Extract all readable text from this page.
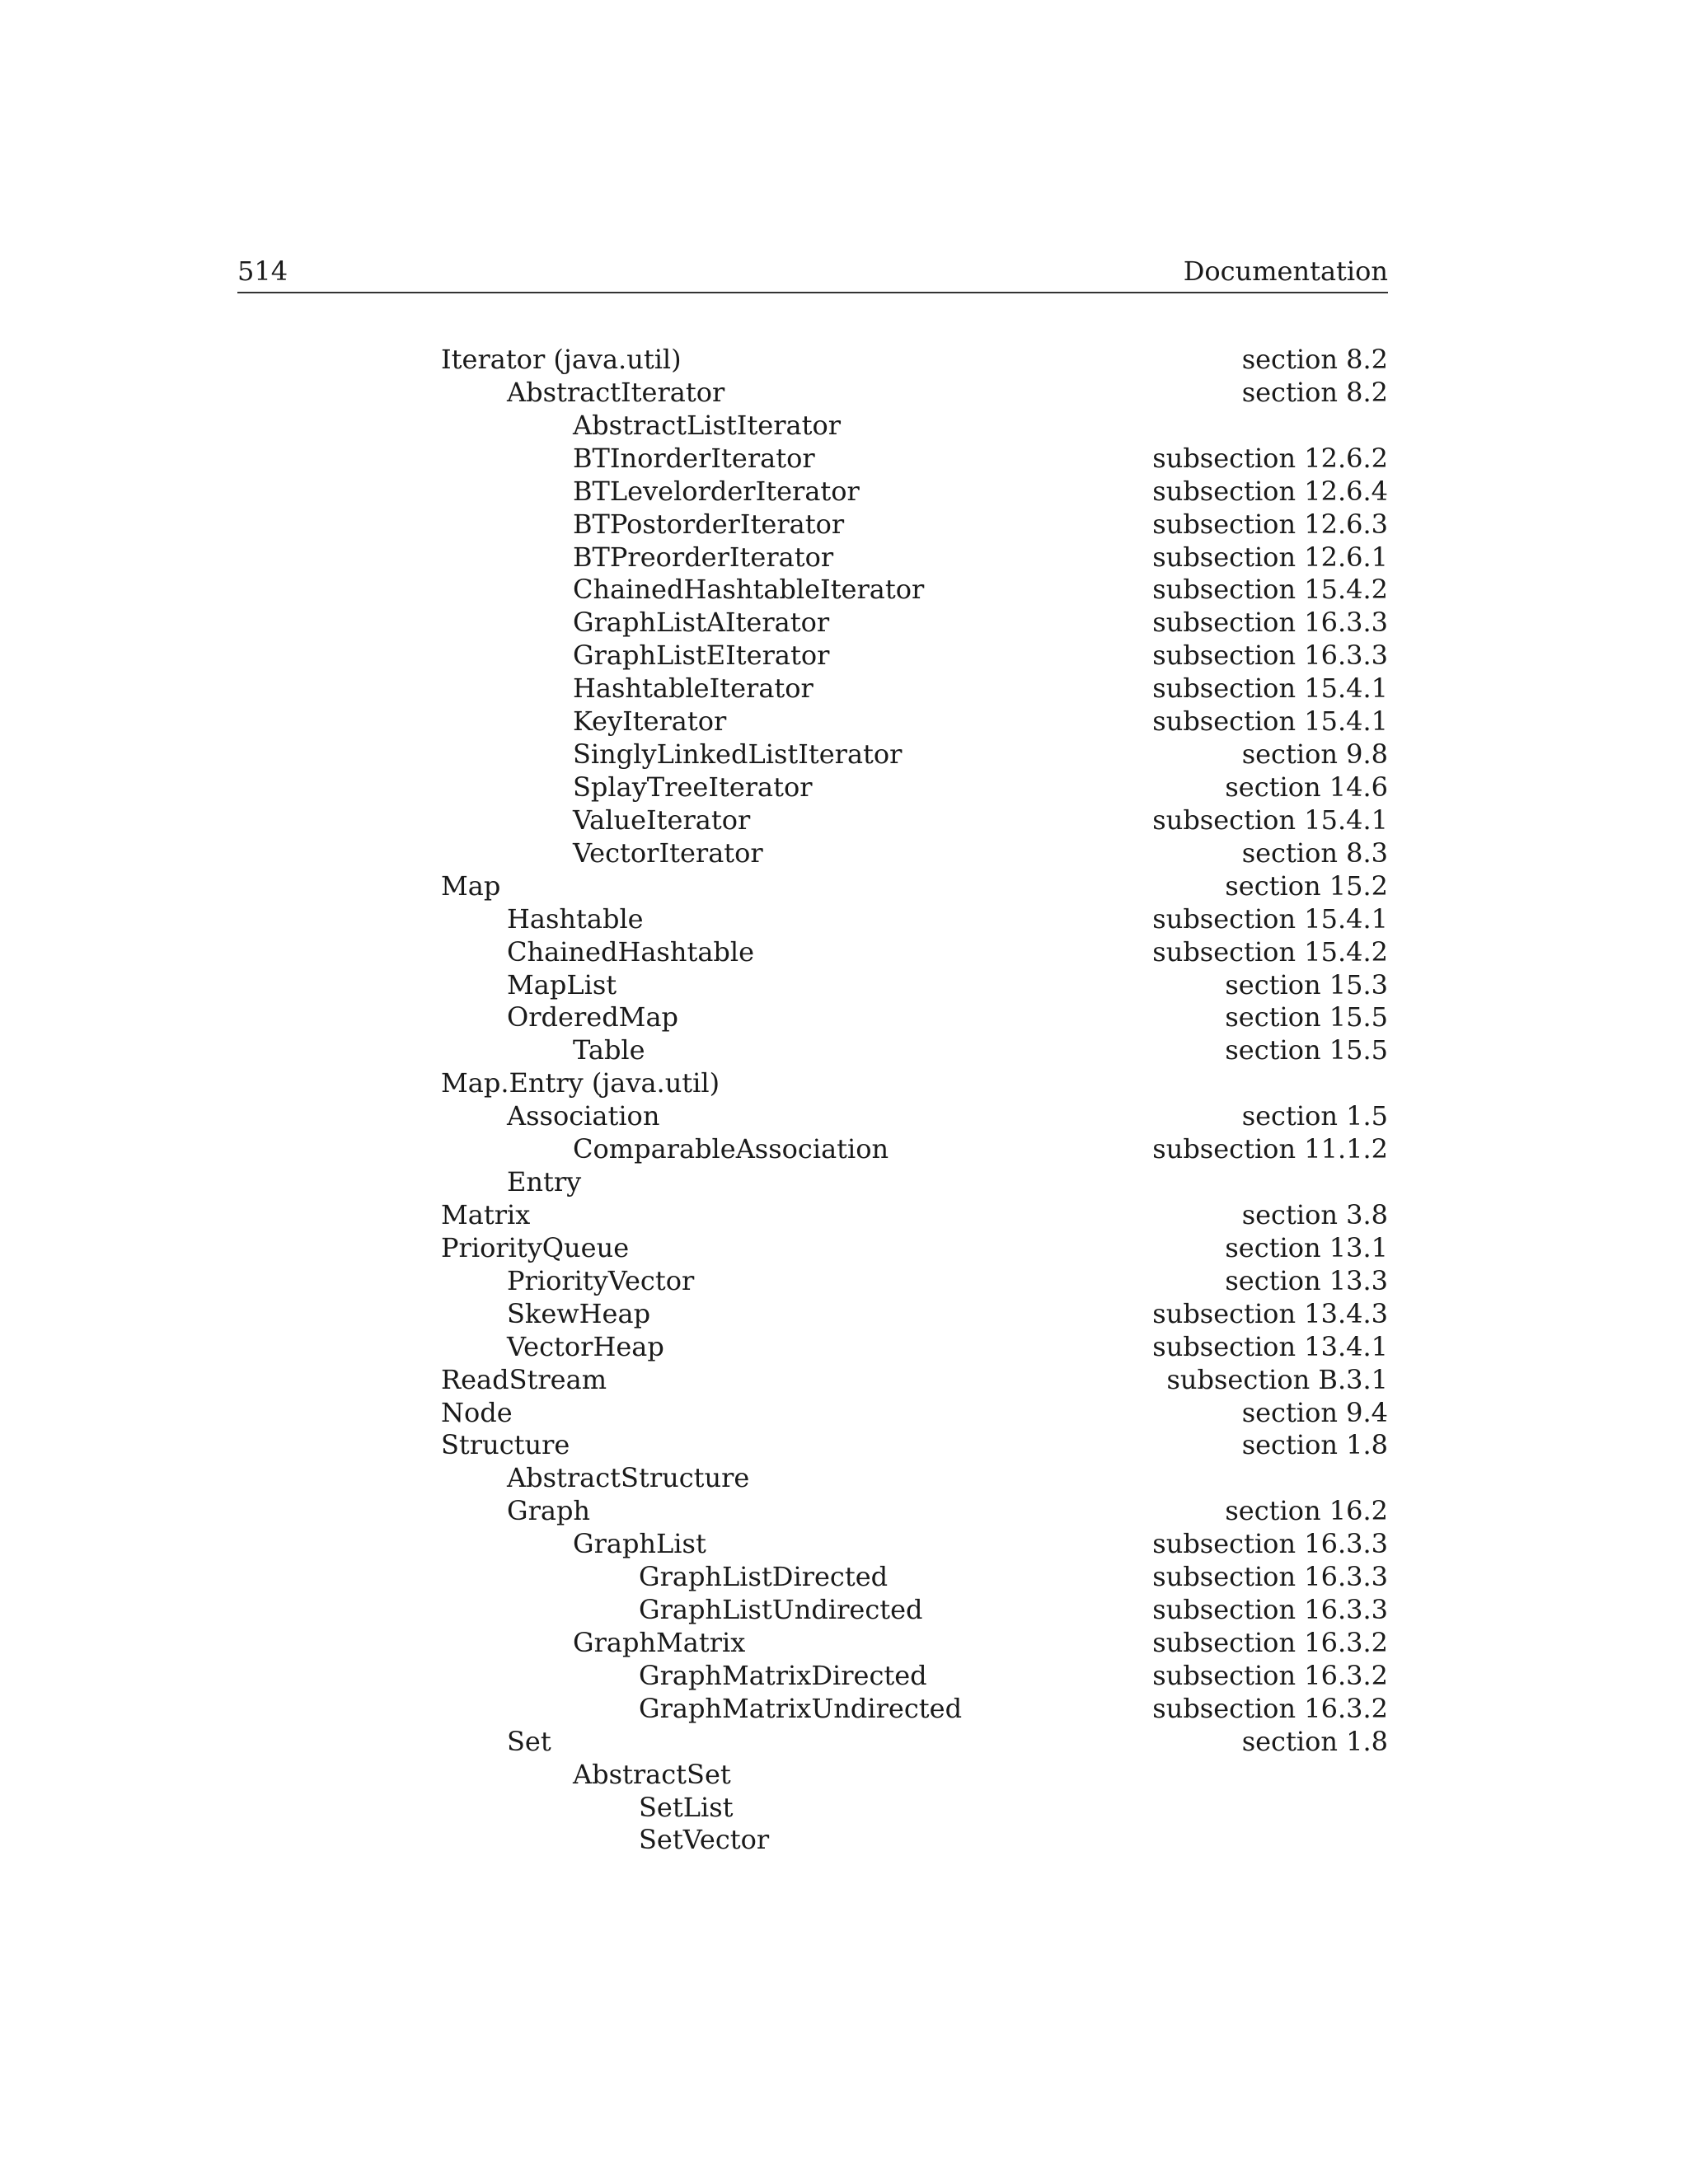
514	Documentation
Iterator (java.util)	section 8.2
AbstractIterator	section 8.2
AbstractListIterator
BTInorderIterator	subsection 12.6.2
BTLevelorderIterator	subsection 12.6.4
BTPostorderIterator	subsection 12.6.3
BTPreorderIterator	subsection 12.6.1
ChainedHashtableIterator	subsection 15.4.2
GraphListAIterator	subsection 16.3.3
GraphListEIterator	subsection 16.3.3
HashtableIterator	subsection 15.4.1
KeyIterator	subsection 15.4.1
SinglyLinkedListIterator	section 9.8
SplayTreeIterator	section 14.6
ValueIterator	subsection 15.4.1
VectorIterator	section 8.3
Map	section 15.2
Hashtable	subsection 15.4.1
ChainedHashtable	subsection 15.4.2
MapList	section 15.3
OrderedMap	section 15.5
Table	section 15.5
Map.Entry (java.util)
Association	section 1.5
ComparableAssociation	subsection 11.1.2
Entry
Matrix	section 3.8
PriorityQueue	section 13.1
PriorityVector	section 13.3
SkewHeap	subsection 13.4.3
VectorHeap	subsection 13.4.1
ReadStream	subsection B.3.1
Node	section 9.4
Structure	section 1.8
AbstractStructure
Graph	section 16.2
GraphList	subsection 16.3.3
GraphListDirected	subsection 16.3.3
GraphListUndirected	subsection 16.3.3
GraphMatrix	subsection 16.3.2
GraphMatrixDirected	subsection 16.3.2
GraphMatrixUndirected	subsection 16.3.2
Set	section 1.8
AbstractSet
SetList
SetVector
